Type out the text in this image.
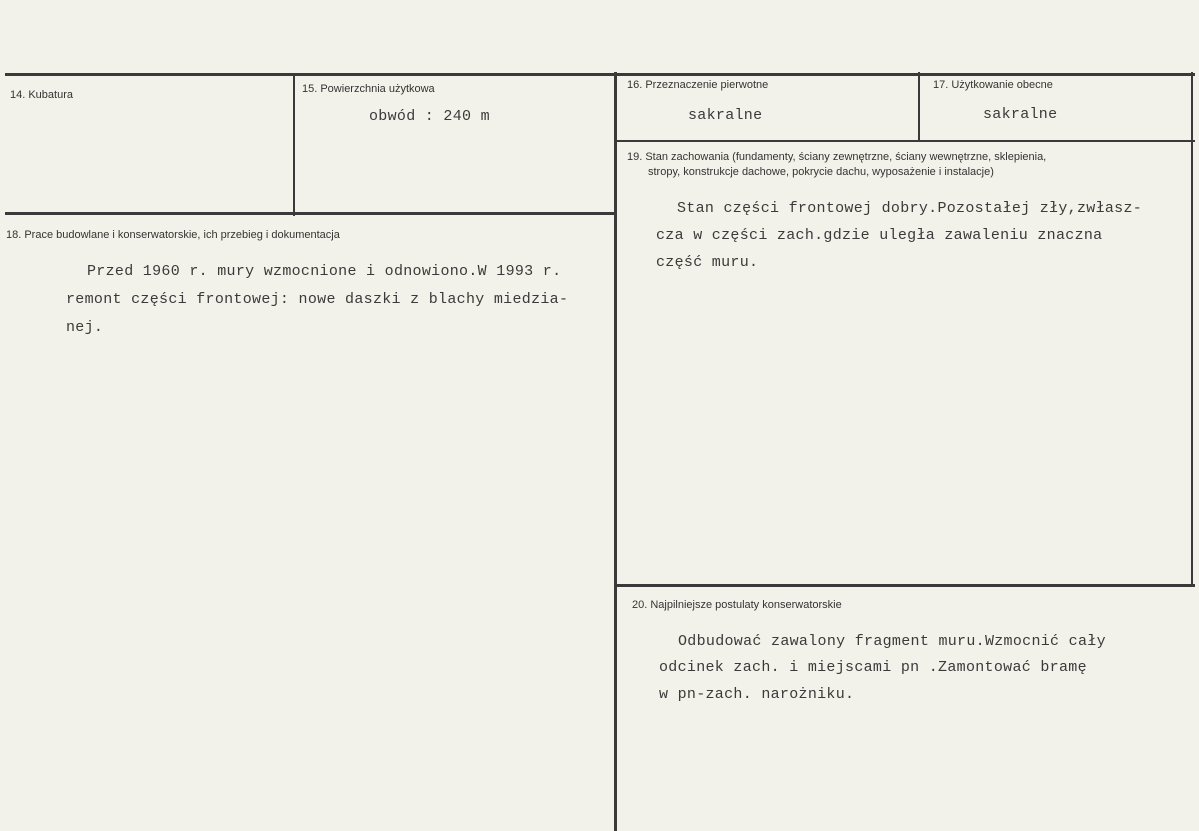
14. Kubatura	15. Powierzchnia użytkowa
obwód : 240 m
16. Przeznaczenie pierwotne
sakralne
17. Użytkowanie obecne
sakralne
18. Prace budowlane i konserwatorskie, ich przebieg i dokumentacja
Przed 1960 r. mury wzmocnione i odnowiono.W 1993 r.
remont części frontowej: nowe daszki z blachy miedzia-
nej.
19. Stan zachowania (fundamenty, ściany zewnętrzne, ściany wewnętrzne, sklepienia,
stropy, konstrukcje dachowe, pokrycie dachu, wyposażenie i instalacje)
Stan części frontowej dobry.Pozostałej zły,zwłasz-
cza w części zach.gdzie uległa zawaleniu znaczna
część muru.
20. Najpilniejsze postulaty konserwatorskie
Odbudować zawalony fragment muru.Wzmocnić cały
odcinek zach. i miejscami pn .Zamontować bramę
w pn-zach. narożniku.
